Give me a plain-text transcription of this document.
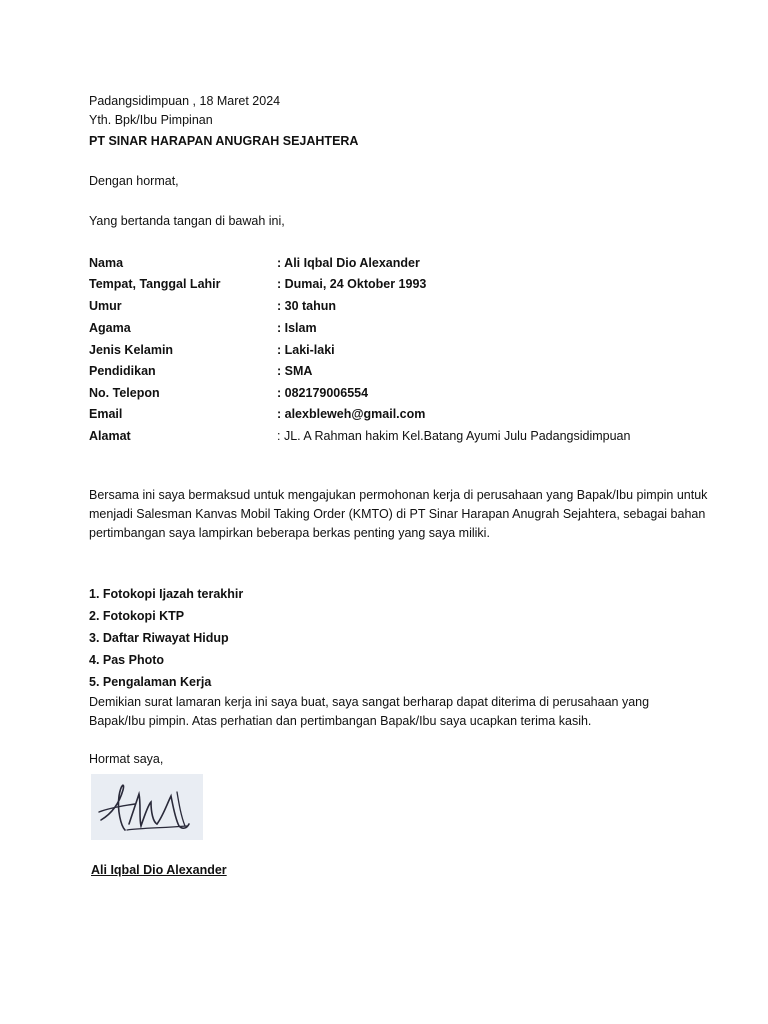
Padangsidimpuan , 18 Maret 2024
Yth. Bpk/Ibu Pimpinan
PT SINAR HARAPAN ANUGRAH SEJAHTERA
Dengan hormat,
Yang bertanda tangan di bawah ini,
Nama	: Ali Iqbal Dio Alexander
Tempat, Tanggal Lahir	: Dumai, 24 Oktober 1993
Umur	: 30 tahun
Agama	: Islam
Jenis Kelamin	: Laki-laki
Pendidikan	: SMA
No. Telepon	: 082179006554
Email	: alexbleweh@gmail.com
Alamat	: JL. A Rahman hakim Kel.Batang Ayumi Julu Padangsidimpuan
Bersama ini saya bermaksud untuk mengajukan permohonan kerja di perusahaan yang Bapak/Ibu pimpin untuk
menjadi Salesman Kanvas Mobil Taking Order (KMTO) di PT Sinar Harapan Anugrah Sejahtera, sebagai bahan
pertimbangan saya lampirkan beberapa berkas penting yang saya miliki.
1. Fotokopi Ijazah terakhir
2. Fotokopi KTP
3. Daftar Riwayat Hidup
4. Pas Photo
5. Pengalaman Kerja
Demikian surat lamaran kerja ini saya buat, saya sangat berharap dapat diterima di perusahaan yang
Bapak/Ibu pimpin. Atas perhatian dan pertimbangan Bapak/Ibu saya ucapkan terima kasih.
Hormat saya,
Ali Iqbal Dio Alexander
